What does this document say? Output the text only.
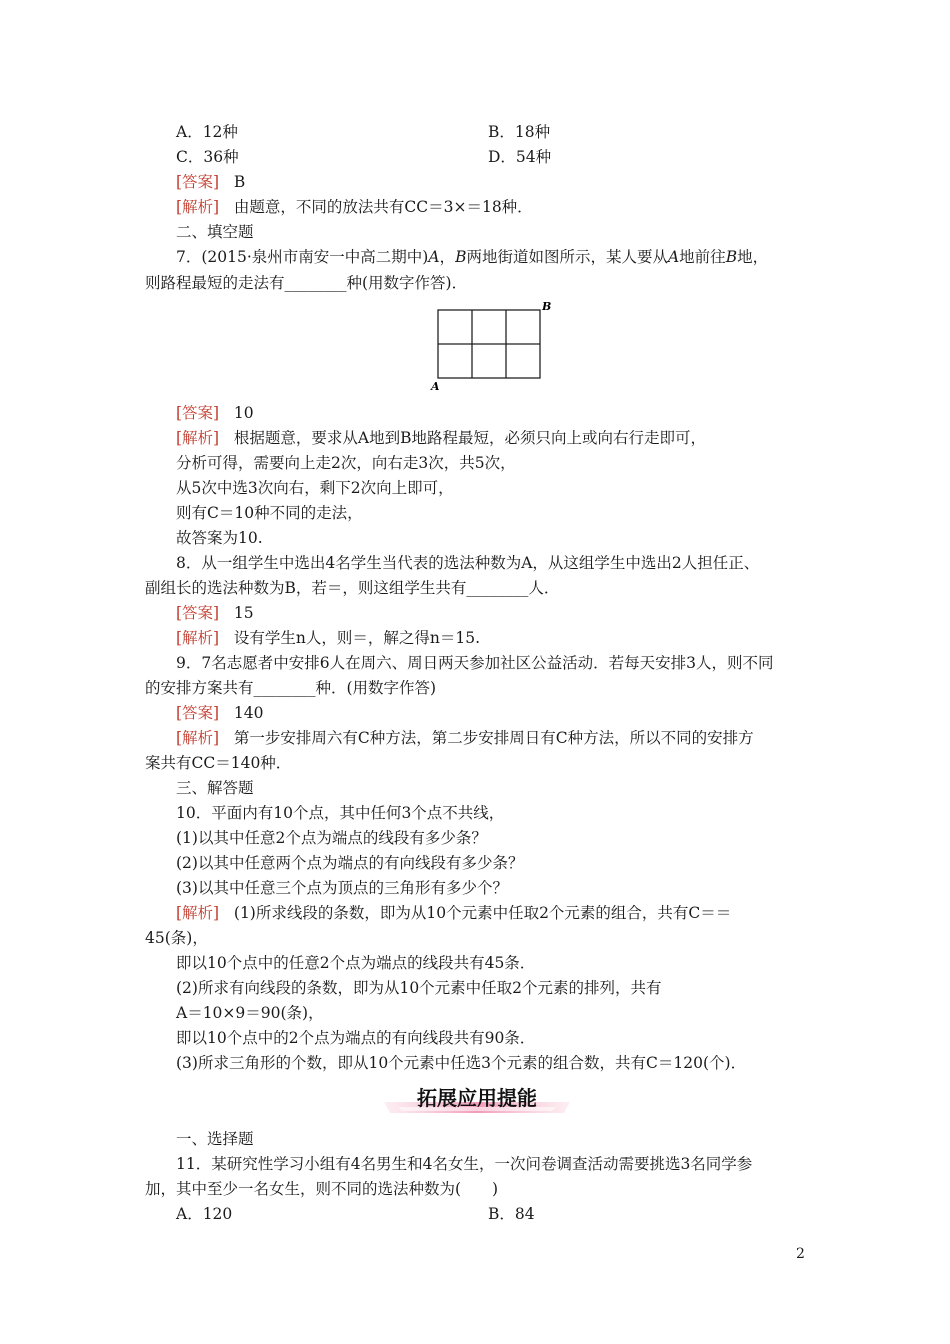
A．12种	B．18种
C．36种	D．54种
[答案] B
[解析] 由题意，不同的放法共有CC＝3×＝18种．
二、填空题
7．(2015·泉州市南安一中高二期中)A，B两地街道如图所示，某人要从A地前往B地，
则路程最短的走法有________种(用数字作答)．
B
A
[答案] 10
[解析] 根据题意，要求从A地到B地路程最短，必须只向上或向右行走即可，
分析可得，需要向上走2次，向右走3次，共5次，
从5次中选3次向右，剩下2次向上即可，
则有C＝10种不同的走法，
故答案为10.
8．从一组学生中选出4名学生当代表的选法种数为A，从这组学生中选出2人担任正、
副组长的选法种数为B，若＝，则这组学生共有________人．
[答案] 15
[解析] 设有学生n人，则＝，解之得n＝15.
9．7名志愿者中安排6人在周六、周日两天参加社区公益活动．若每天安排3人，则不同
的安排方案共有________种．(用数字作答)
[答案] 140
[解析] 第一步安排周六有C种方法，第二步安排周日有C种方法，所以不同的安排方
案共有CC＝140种．
三、解答题
10．平面内有10个点，其中任何3个点不共线，
(1)以其中任意2个点为端点的线段有多少条？
(2)以其中任意两个点为端点的有向线段有多少条？
(3)以其中任意三个点为顶点的三角形有多少个？
[解析] (1)所求线段的条数，即为从10个元素中任取2个元素的组合，共有C＝＝
45(条)，
即以10个点中的任意2个点为端点的线段共有45条．
(2)所求有向线段的条数，即为从10个元素中任取2个元素的排列，共有
A＝10×9＝90(条)，
即以10个点中的2个点为端点的有向线段共有90条．
(3)所求三角形的个数，即从10个元素中任选3个元素的组合数，共有C＝120(个)．
拓展应用提能
一、选择题
11．某研究性学习小组有4名男生和4名女生，一次问卷调查活动需要挑选3名同学参
加，其中至少一名女生，则不同的选法种数为(　　)
A．120	B．84
2
